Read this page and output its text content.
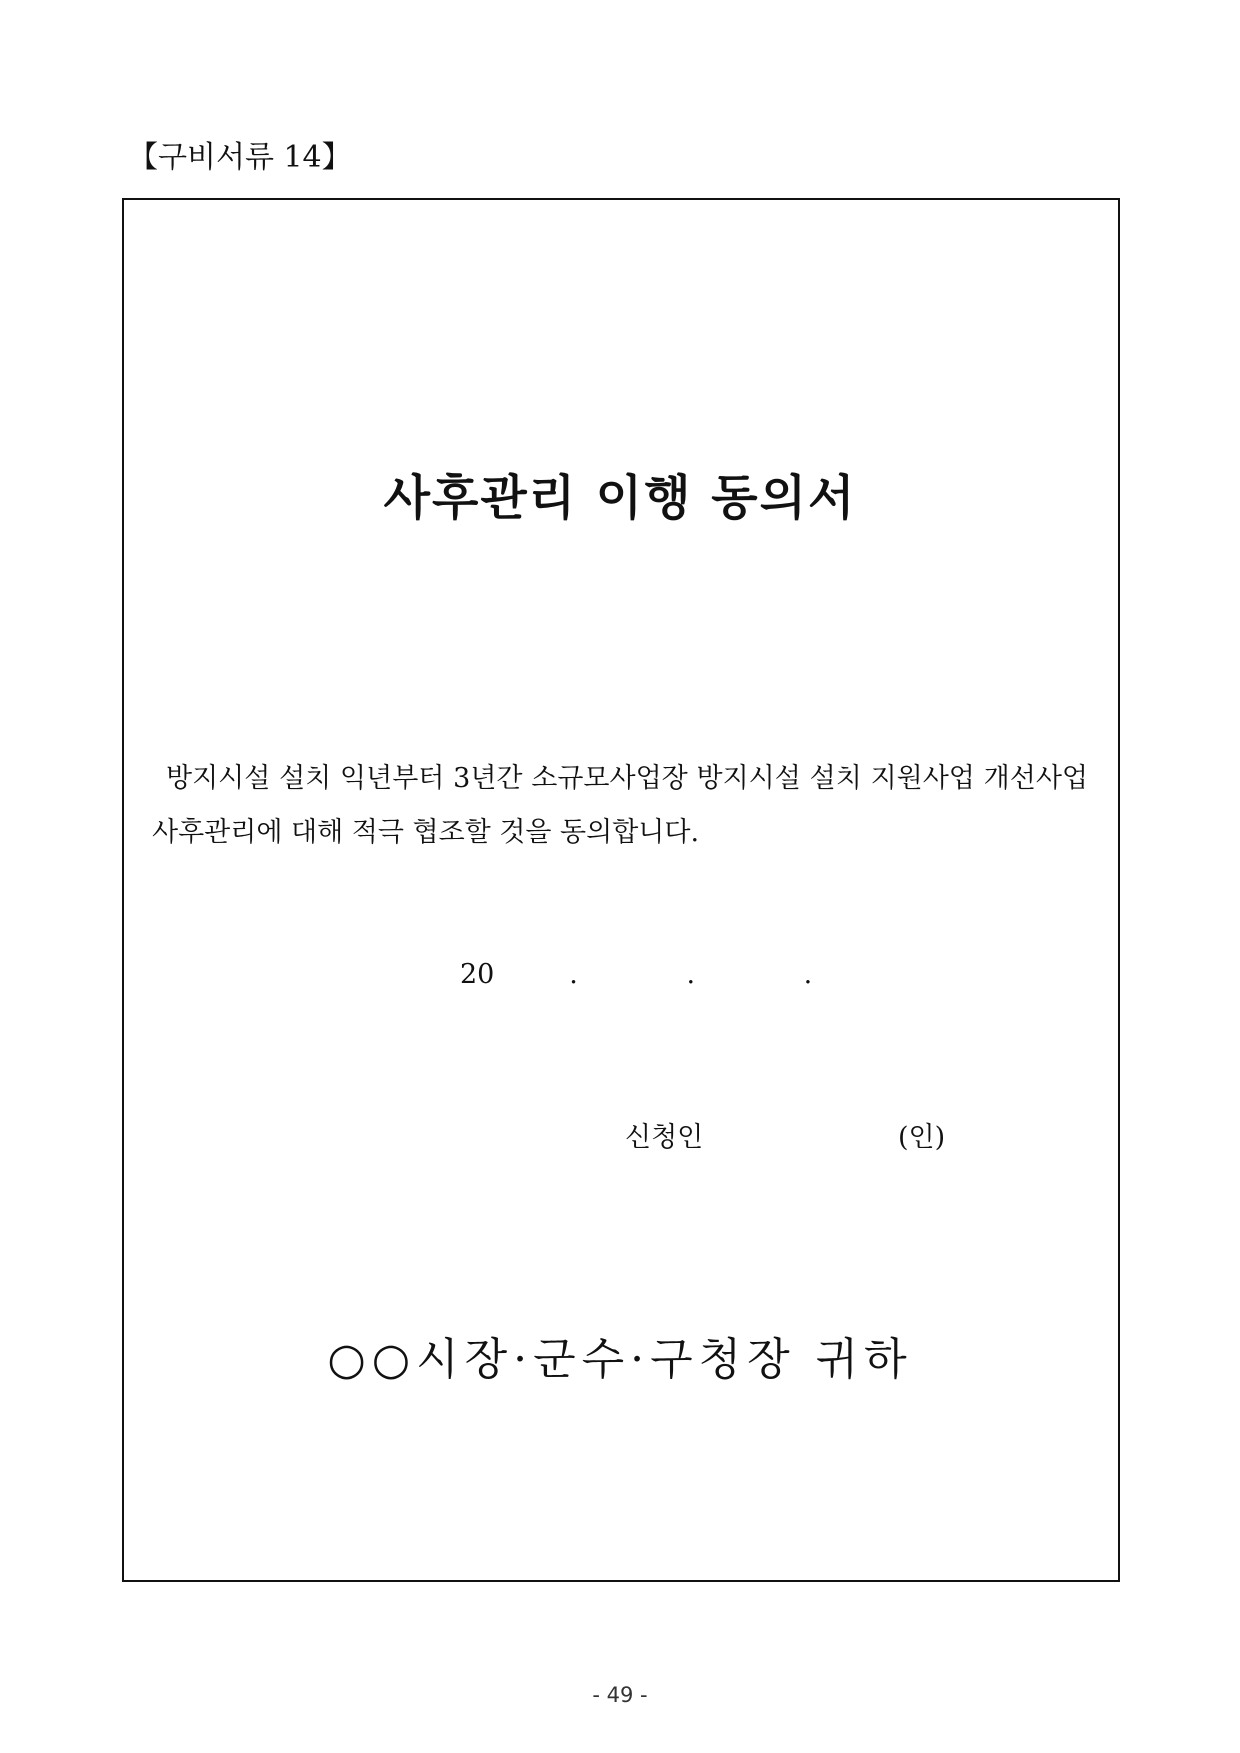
【구비서류 14】
사후관리 이행 동의서
방지시설 설치 익년부터 3년간 소규모사업장 방지시설 설치 지원사업 개선사업 사후관리에 대해 적극 협조할 것을 동의합니다.
20	.	.	.
신청인	(인)
○○시장·군수·구청장 귀하
- 49 -
